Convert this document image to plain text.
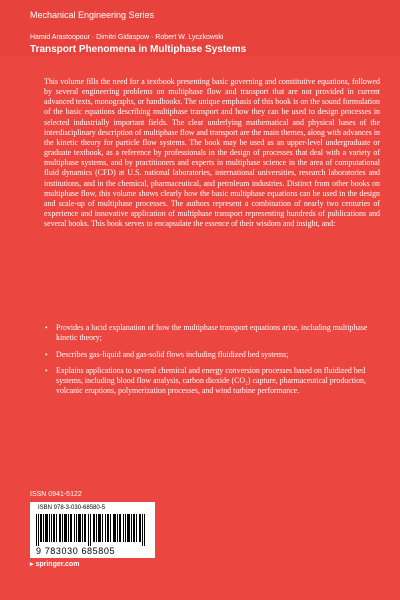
Mechanical Engineering Series
Hamid Arastoopour · Dimitri Gidaspow · Robert W. Lyczkowski
Transport Phenomena in Multiphase Systems
This volume fills the need for a textbook presenting basic governing and constitutive equations, followed by several engineering problems on multiphase flow and transport that are not provided in current advanced texts, monographs, or handbooks. The unique emphasis of this book is on the sound formulation of the basic equations describing multiphase transport and how they can be used to design processes in selected industrially important fields. The clear underlying mathematical and physical bases of the interdisciplinary description of multiphase flow and transport are the main themes, along with advances in the kinetic theory for particle flow systems. The book may be used as an upper-level undergraduate or graduate textbook, as a reference by professionals in the design of processes that deal with a variety of multiphase systems, and by practitioners and experts in multiphase science in the area of computational fluid dynamics (CFD) at U.S. national laboratories, international universities, research laboratories and institutions, and in the chemical, pharmaceutical, and petroleum industries. Distinct from other books on multiphase flow, this volume shows clearly how the basic multiphase equations can be used in the design and scale-up of multiphase processes. The authors represent a combination of nearly two centuries of experience and innovative application of multiphase transport representing hundreds of publications and several books. This book serves to encapsulate the essence of their wisdom and insight, and:
• Provides a lucid explanation of how the multiphase transport equations arise, including multiphase kinetic theory;
• Describes gas-liquid and gas-solid flows including fluidized bed systems;
• Explains applications to several chemical and energy conversion processes based on fluidized bed systems, including blood flow analysis, carbon dioxide (CO₂) capture, pharmaceutical production, volcanic eruptions, polymerization processes, and wind turbine performance.
ISSN 0941-5122
ISBN 978-3-030-68580-5
9 783030 685805
▸ springer.com
